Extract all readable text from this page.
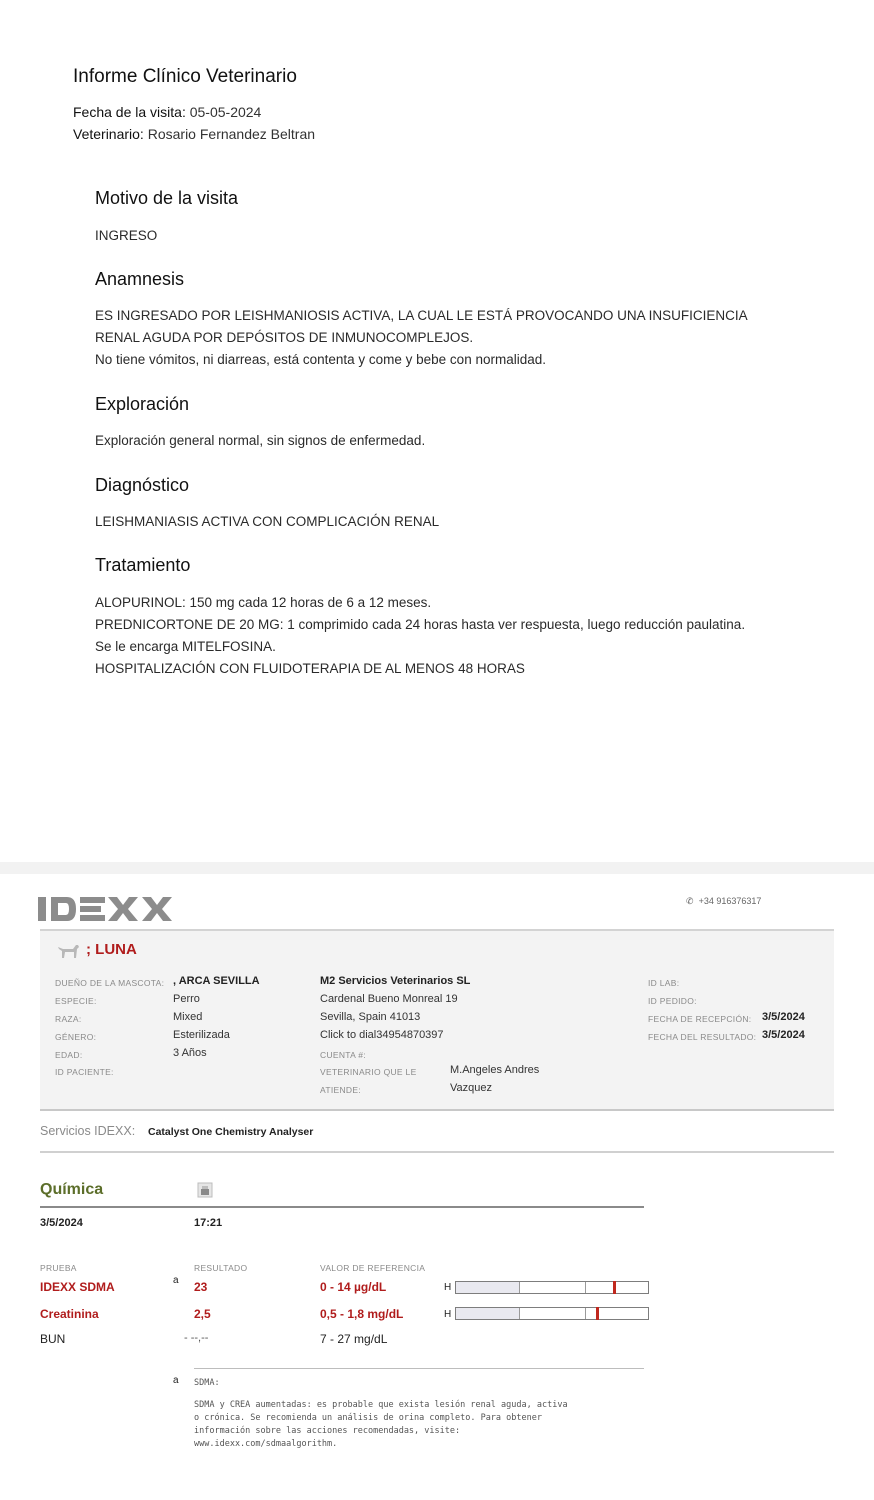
Informe Clínico Veterinario
Fecha de la visita: 05-05-2024
Veterinario: Rosario Fernandez Beltran
Motivo de la visita
INGRESO
Anamnesis
ES INGRESADO POR LEISHMANIOSIS ACTIVA, LA CUAL LE ESTÁ PROVOCANDO UNA INSUFICIENCIA
RENAL AGUDA POR DEPÓSITOS DE INMUNOCOMPLEJOS.
No tiene vómitos, ni diarreas, está contenta y come y bebe con normalidad.
Exploración
Exploración general normal, sin signos de enfermedad.
Diagnóstico
LEISHMANIASIS ACTIVA CON COMPLICACIÓN RENAL
Tratamiento
ALOPURINOL: 150 mg cada 12 horas de 6 a 12 meses.
PREDNICORTONE DE 20 MG: 1 comprimido cada 24 horas hasta ver respuesta, luego reducción paulatina.
Se le encarga MITELFOSINA.
HOSPITALIZACIÓN CON FLUIDOTERAPIA DE AL MENOS 48 HORAS
✆ +34 916376317
; LUNA
DUEÑO DE LA MASCOTA: , ARCA SEVILLA
ESPECIE:	Perro
RAZA:	Mixed
GÉNERO:	Esterilizada
EDAD:	3 Años
ID PACIENTE:
M2 Servicios Veterinarios SL
Cardenal Bueno Monreal 19
Sevilla, Spain 41013
Click to dial34954870397
CUENTA #:
VETERINARIO QUE LE
ATIENDE:
M.Angeles Andres
Vazquez
ID LAB:
ID PEDIDO:
FECHA DE RECEPCIÓN: 3/5/2024
FECHA DEL RESULTADO: 3/5/2024
Servicios IDEXX: Catalyst One Chemistry Analyser
Química
3/5/2024	17:21
PRUEBA	RESULTADO	VALOR DE REFERENCIA
IDEXX SDMA	a 23	0 - 14 µg/dL	H
Creatinina	2,5	0,5 - 1,8 mg/dL	H
BUN	- --,--	7 - 27 mg/dL
a SDMA:
SDMA y CREA aumentadas: es probable que exista lesión renal aguda, activa
o crónica. Se recomienda un análisis de orina completo. Para obtener
información sobre las acciones recomendadas, visite:
www.idexx.com/sdmaalgorithm.
